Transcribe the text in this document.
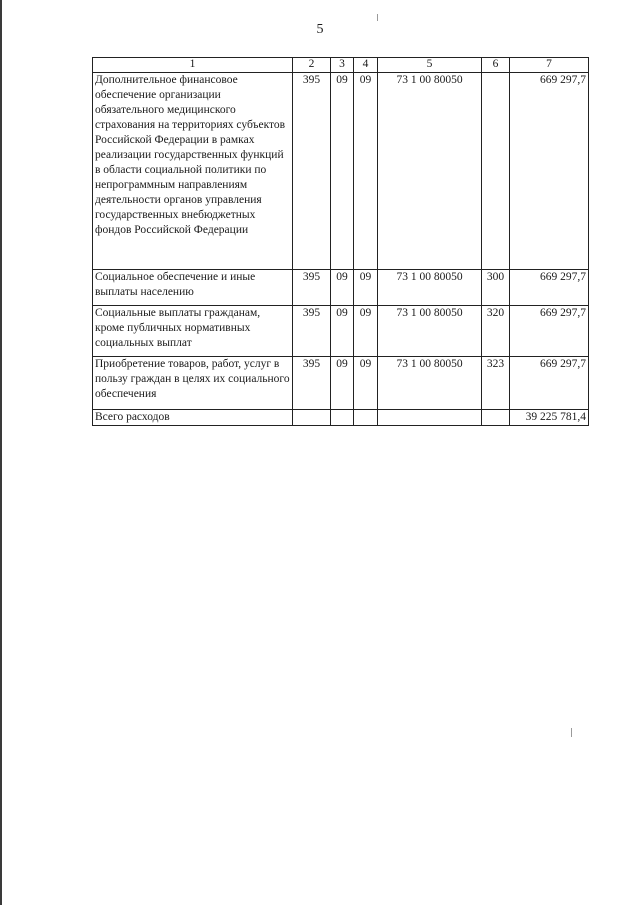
5
1	2	3	4	5	6	7
Дополнительное финансовое обеспечение организации обязательного медицинского страхования на территориях субъектов Российской Федерации в рамках реализации государственных функций в области социальной политики по непрограммным направлениям деятельности органов управления государственных внебюджетных фондов Российской Федерации	395	09	09	73 1 00 80050		669 297,7
Социальное обеспечение и иные выплаты населению	395	09	09	73 1 00 80050	300	669 297,7
Социальные выплаты гражданам, кроме публичных нормативных социальных выплат	395	09	09	73 1 00 80050	320	669 297,7
Приобретение товаров, работ, услуг в пользу граждан в целях их социального обеспечения	395	09	09	73 1 00 80050	323	669 297,7
Всего расходов						39 225 781,4
